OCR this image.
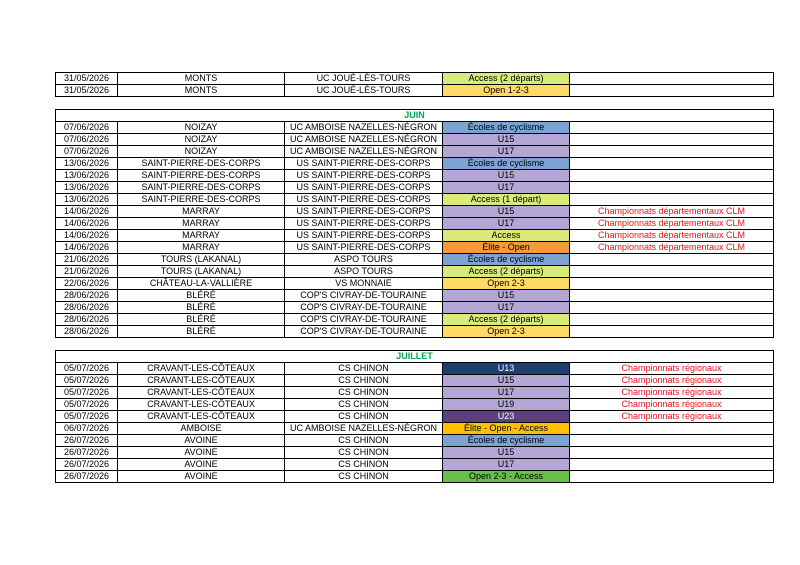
31/05/2026	MONTS	UC JOUÉ-LÈS-TOURS	Access (2 départs)	
31/05/2026	MONTS	UC JOUÉ-LÈS-TOURS	Open 1-2-3	
JUIN				
07/06/2026	NOIZAY	UC AMBOISE NAZELLES-NÉGRON	Écoles de cyclisme	
07/06/2026	NOIZAY	UC AMBOISE NAZELLES-NÉGRON	U15	
07/06/2026	NOIZAY	UC AMBOISE NAZELLES-NÉGRON	U17	
13/06/2026	SAINT-PIERRE-DES-CORPS	US SAINT-PIERRE-DES-CORPS	Écoles de cyclisme	
13/06/2026	SAINT-PIERRE-DES-CORPS	US SAINT-PIERRE-DES-CORPS	U15	
13/06/2026	SAINT-PIERRE-DES-CORPS	US SAINT-PIERRE-DES-CORPS	U17	
13/06/2026	SAINT-PIERRE-DES-CORPS	US SAINT-PIERRE-DES-CORPS	Access (1 départ)	
14/06/2026	MARRAY	US SAINT-PIERRE-DES-CORPS	U15	Championnats départementaux CLM
14/06/2026	MARRAY	US SAINT-PIERRE-DES-CORPS	U17	Championnats départementaux CLM
14/06/2026	MARRAY	US SAINT-PIERRE-DES-CORPS	Access	Championnats départementaux CLM
14/06/2026	MARRAY	US SAINT-PIERRE-DES-CORPS	Élite - Open	Championnats départementaux CLM
21/06/2026	TOURS (LAKANAL)	ASPO TOURS	Écoles de cyclisme	
21/06/2026	TOURS (LAKANAL)	ASPO TOURS	Access (2 départs)	
22/06/2026	CHÂTEAU-LA-VALLIÈRE	VS MONNAIE	Open 2-3	
28/06/2026	BLÉRÉ	COP'S CIVRAY-DE-TOURAINE	U15	
28/06/2026	BLÉRÉ	COP'S CIVRAY-DE-TOURAINE	U17	
28/06/2026	BLÉRÉ	COP'S CIVRAY-DE-TOURAINE	Access (2 départs)	
28/06/2026	BLÉRÉ	COP'S CIVRAY-DE-TOURAINE	Open 2-3	
JUILLET				
05/07/2026	CRAVANT-LES-CÔTEAUX	CS CHINON	U13	Championnats régionaux
05/07/2026	CRAVANT-LES-CÔTEAUX	CS CHINON	U15	Championnats régionaux
05/07/2026	CRAVANT-LES-CÔTEAUX	CS CHINON	U17	Championnats régionaux
05/07/2026	CRAVANT-LES-CÔTEAUX	CS CHINON	U19	Championnats régionaux
05/07/2026	CRAVANT-LES-CÔTEAUX	CS CHINON	U23	Championnats régionaux
06/07/2026	AMBOISE	UC AMBOISE NAZELLES-NÉGRON	Élite - Open - Access	
26/07/2026	AVOINE	CS CHINON	Écoles de cyclisme	
26/07/2026	AVOINE	CS CHINON	U15	
26/07/2026	AVOINE	CS CHINON	U17	
26/07/2026	AVOINE	CS CHINON	Open 2-3 - Access	
